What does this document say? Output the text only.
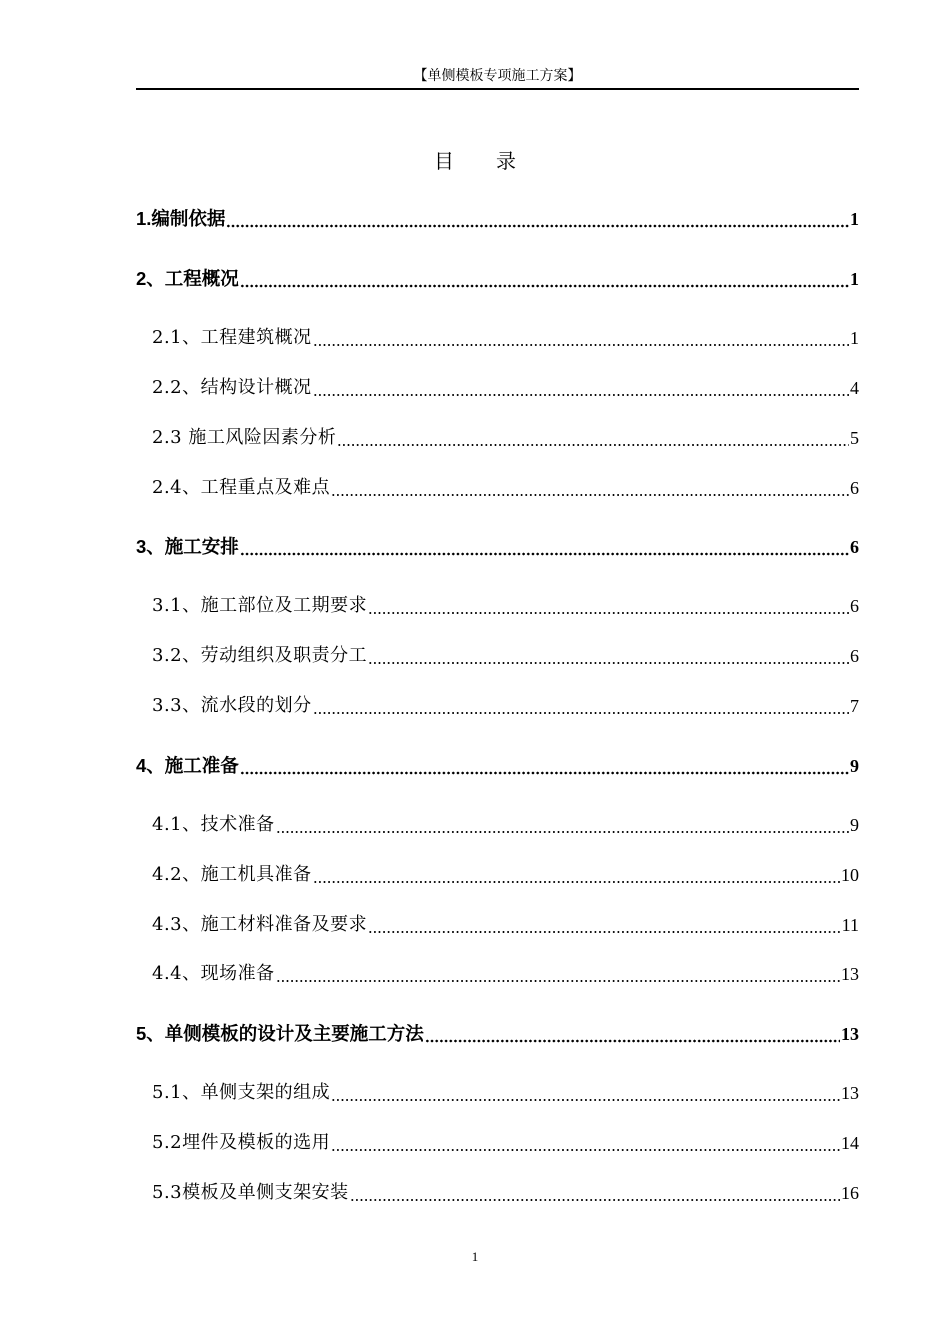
【单侧模板专项施工方案】
目 录
1.编制依据	1
2、工程概况	1
2.1、工程建筑概况	1
2.2、结构设计概况	4
2.3 施工风险因素分析	5
2.4、工程重点及难点	6
3、施工安排	6
3.1、施工部位及工期要求	6
3.2、劳动组织及职责分工	6
3.3、流水段的划分	7
4、施工准备	9
4.1、技术准备	9
4.2、施工机具准备	10
4.3、施工材料准备及要求	11
4.4、现场准备	13
5、单侧模板的设计及主要施工方法	13
5.1、单侧支架的组成	13
5.2埋件及模板的选用	14
5.3模板及单侧支架安装	16
1
